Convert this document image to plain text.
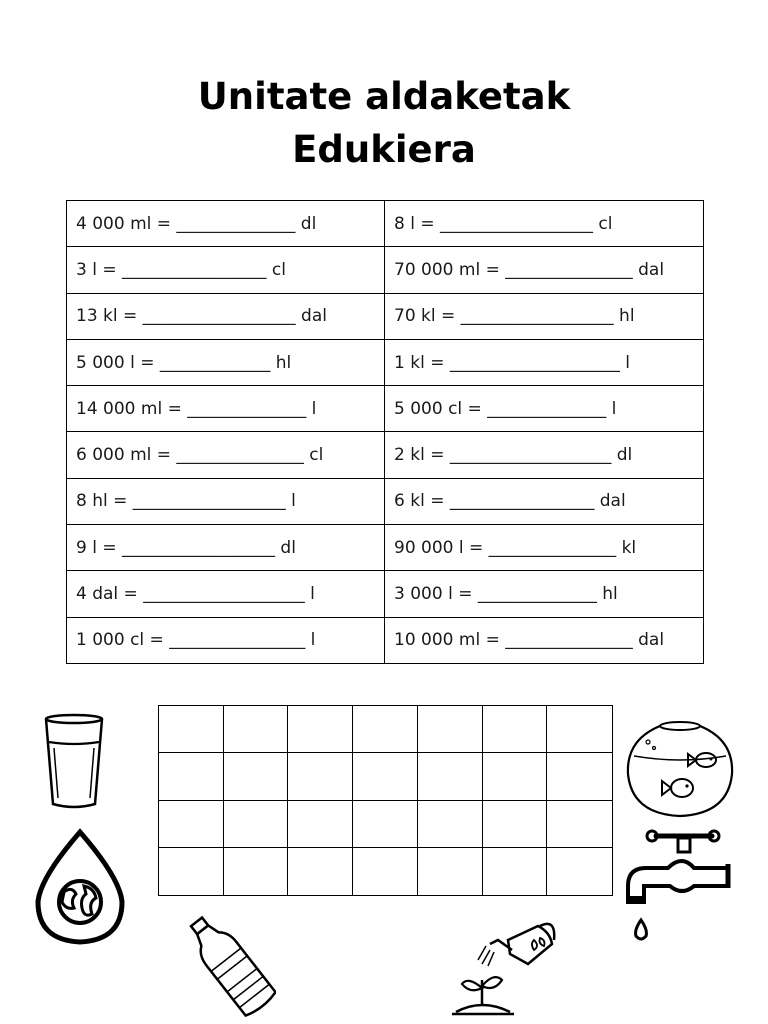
Unitate aldaketak
Edukiera
4 000 ml = ______________ dl	8 l = __________________ cl
3 l = _________________ cl	70 000 ml = _______________ dal
13 kl = __________________ dal	70 kl = __________________ hl
5 000 l = _____________ hl	1 kl = ____________________ l
14 000 ml = ______________ l	5 000 cl = ______________ l
6 000 ml = _______________ cl	2 kl = ___________________ dl
8 hl = __________________ l	6 kl = _________________ dal
9 l = __________________ dl	90 000 l = _______________ kl
4 dal = ___________________ l	3 000 l = ______________ hl
1 000 cl = ________________ l	10 000 ml = _______________ dal
